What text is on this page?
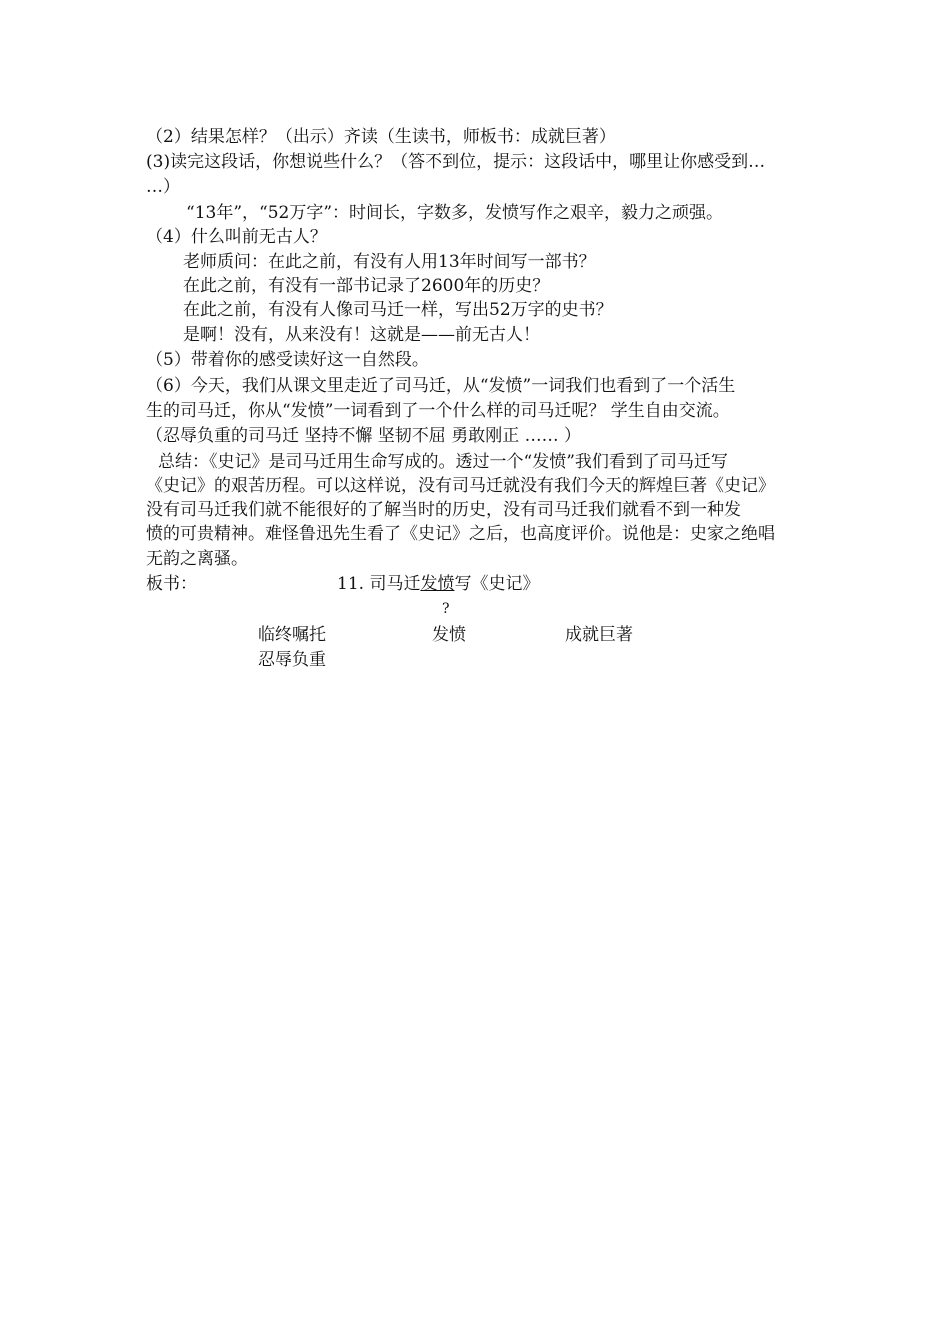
（2）结果怎样？（出示）齐读（生读书，师板书：成就巨著）
(3)读完这段话，你想说些什么？（答不到位，提示：这段话中，哪里让你感受到…
…）
“13年”，“52万字”：时间长，字数多，发愤写作之艰辛，毅力之顽强。
（4）什么叫前无古人？
老师质问：在此之前，有没有人用13年时间写一部书？
在此之前，有没有一部书记录了2600年的历史？
在此之前，有没有人像司马迁一样，写出52万字的史书？
是啊！没有，从来没有！这就是——前无古人！
（5）带着你的感受读好这一自然段。
（6）今天，我们从课文里走近了司马迁，从“发愤”一词我们也看到了一个活生
生的司马迁，你从“发愤”一词看到了一个什么样的司马迁呢？ 学生自由交流。
（忍辱负重的司马迁 坚持不懈 坚韧不屈 勇敢刚正 …… ）
总结：《史记》是司马迁用生命写成的。透过一个“发愤”我们看到了司马迁写
《史记》的艰苦历程。可以这样说，没有司马迁就没有我们今天的辉煌巨著《史记》
没有司马迁我们就不能很好的了解当时的历史，没有司马迁我们就看不到一种发
愤的可贵精神。难怪鲁迅先生看了《史记》之后，也高度评价。说他是：史家之绝唱
无韵之离骚。
板书：	11. 司马迁发愤写《史记》
?
临终嘱托	发愤	成就巨著
忍辱负重
